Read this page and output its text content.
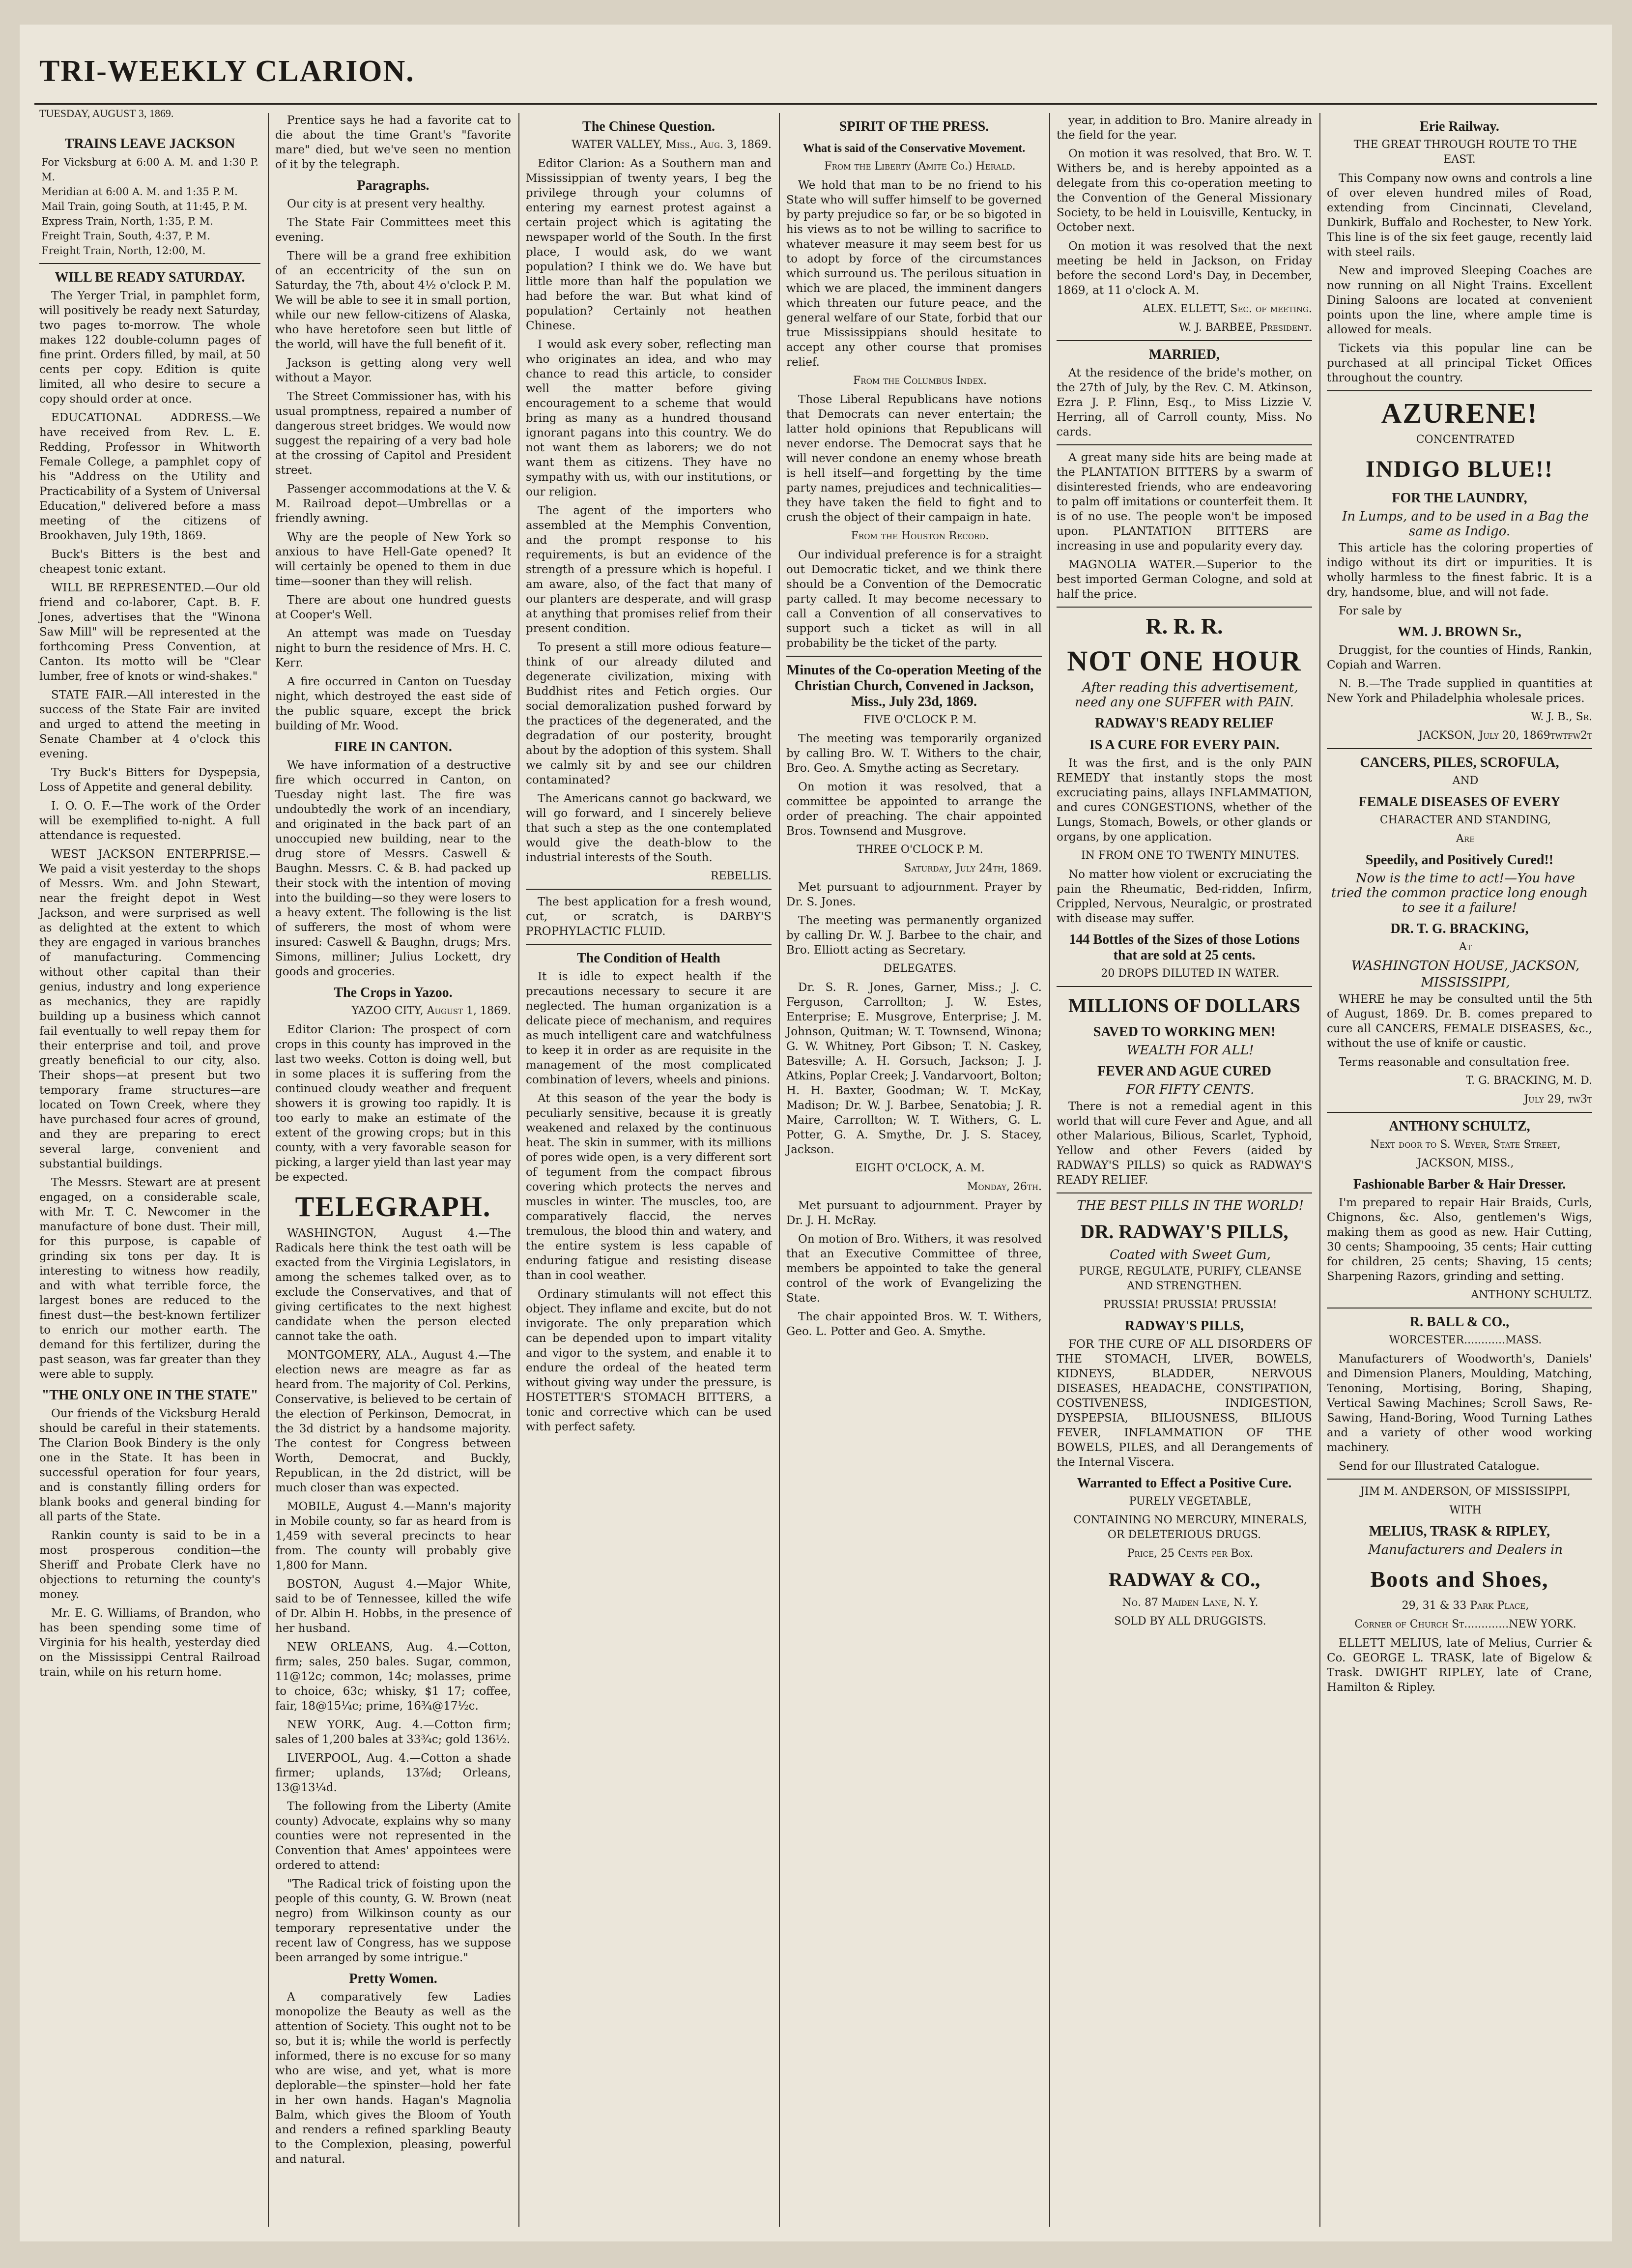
TRI-WEEKLY CLARION.
TUESDAY, AUGUST 3, 1869.
TRAINS LEAVE JACKSON
For Vicksburg at 6:00 A. M. and 1:30 P. M.
Meridian at 6:00 A. M. and 1:35 P. M.
Mail Train, going South, at 11:45, P. M.
Express Train, North, 1:35, P. M.
Freight Train, South, 4:37, P. M.
Freight Train, North, 12:00, M.
WILL BE READY SATURDAY.

The Yerger Trial, in pamphlet form, will positively be ready next Saturday, two pages to-morrow. The whole makes 122 double-column pages of fine print. Orders filled, by mail, at 50 cents per copy. Edition is quite limited, all who desire to secure a copy should order at once.

EDUCATIONAL ADDRESS.—We have received from Rev. L. E. Redding, Professor in Whitworth Female College, a pamphlet copy of his "Address on the Utility and Practicability of a System of Universal Education," delivered before a mass meeting of the citizens of Brookhaven, July 19th, 1869.

Buck's Bitters is the best and cheapest tonic extant.

WILL BE REPRESENTED.—Our old friend and co-laborer, Capt. B. F. Jones, advertises that the "Winona Saw Mill" will be represented at the forthcoming Press Convention, at Canton. Its motto will be "Clear lumber, free of knots or wind-shakes."

STATE FAIR.—All interested in the success of the State Fair are invited and urged to attend the meeting in Senate Chamber at 4 o'clock this evening.

Try Buck's Bitters for Dyspepsia, Loss of Appetite and general debility.

I. O. O. F.—The work of the Order will be exemplified to-night. A full attendance is requested.

WEST JACKSON ENTERPRISE.—We paid a visit yesterday to the shops of Messrs. Wm. and John Stewart, near the freight depot in West Jackson, and were surprised as well as delighted at the extent to which they are engaged in various branches of manufacturing. Commencing without other capital than their genius, industry and long experience as mechanics, they are rapidly building up a business which cannot fail eventually to well repay them for their enterprise and toil, and prove greatly beneficial to our city, also. Their shops—at present but two temporary frame structures—are located on Town Creek, where they have purchased four acres of ground, and they are preparing to erect several large, convenient and substantial buildings.

The Messrs. Stewart are at present engaged, on a considerable scale, with Mr. T. C. Newcomer in the manufacture of bone dust. Their mill, for this purpose, is capable of grinding six tons per day. It is interesting to witness how readily, and with what terrible force, the largest bones are reduced to the finest dust—the best-known fertilizer to enrich our mother earth. The demand for this fertilizer, during the past season, was far greater than they were able to supply.

"THE ONLY ONE IN THE STATE"

Our friends of the Vicksburg Herald should be careful in their statements. The Clarion Book Bindery is the only one in the State. It has been in successful operation for four years, and is constantly filling orders for blank books and general binding for all parts of the State.

Rankin county is said to be in a most prosperous condition—the Sheriff and Probate Clerk have no objections to returning the county's money.

Mr. E. G. Williams, of Brandon, who has been spending some time of Virginia for his health, yesterday died on the Mississippi Central Railroad train, while on his return home.

Prentice says he had a favorite cat to die about the time Grant's "favorite mare" died, but we've seen no mention of it by the telegraph.

Paragraphs.

Our city is at present very healthy.

The State Fair Committees meet this evening.

There will be a grand free exhibition of an eccentricity of the sun on Saturday, the 7th, about 4½ o'clock P. M. We will be able to see it in small portion, while our new fellow-citizens of Alaska, who have heretofore seen but little of the world, will have the full benefit of it.

Jackson is getting along very well without a Mayor.

The Street Commissioner has, with his usual promptness, repaired a number of dangerous street bridges. We would now suggest the repairing of a very bad hole at the crossing of Capitol and President street.

Passenger accommodations at the V. & M. Railroad depot—Umbrellas or a friendly awning.

Why are the people of New York so anxious to have Hell-Gate opened? It will certainly be opened to them in due time—sooner than they will relish.

There are about one hundred guests at Cooper's Well.

An attempt was made on Tuesday night to burn the residence of Mrs. H. C. Kerr.

A fire occurred in Canton on Tuesday night, which destroyed the east side of the public square, except the brick building of Mr. Wood.

FIRE IN CANTON.

We have information of a destructive fire which occurred in Canton, on Tuesday night last. The fire was undoubtedly the work of an incendiary, and originated in the back part of an unoccupied new building, near to the drug store of Messrs. Caswell & Baughn. Messrs. C. & B. had packed up their stock with the intention of moving into the building—so they were losers to a heavy extent. The following is the list of sufferers, the most of whom were insured: Caswell & Baughn, drugs; Mrs. Simons, milliner; Julius Lockett, dry goods and groceries.

The Crops in Yazoo.

YAZOO CITY, August 1, 1869.

Editor Clarion: The prospect of corn crops in this county has improved in the last two weeks. Cotton is doing well, but in some places it is suffering from the continued cloudy weather and frequent showers it is growing too rapidly. It is too early to make an estimate of the extent of the growing crops; but in this county, with a very favorable season for picking, a larger yield than last year may be expected.

TELEGRAPH.

WASHINGTON, August 4.—The Radicals here think the test oath will be exacted from the Virginia Legislators, in among the schemes talked over, as to exclude the Conservatives, and that of giving certificates to the next highest candidate when the person elected cannot take the oath.

MONTGOMERY, ALA., August 4.—The election news are meagre as far as heard from. The majority of Col. Perkins, Conservative, is believed to be certain of the election of Perkinson, Democrat, in the 3d district by a handsome majority. The contest for Congress between Worth, Democrat, and Buckly, Republican, in the 2d district, will be much closer than was expected.

MOBILE, August 4.—Mann's majority in Mobile county, so far as heard from is 1,459 with several precincts to hear from. The county will probably give 1,800 for Mann.

BOSTON, August 4.—Major White, said to be of Tennessee, killed the wife of Dr. Albin H. Hobbs, in the presence of her husband.

NEW ORLEANS, Aug. 4.—Cotton, firm; sales, 250 bales. Sugar, common, 11@12c; common, 14c; molasses, prime to choice, 63c; whisky, $1 17; coffee, fair, 18@15¼c; prime, 16¾@17½c.

NEW YORK, Aug. 4.—Cotton firm; sales of 1,200 bales at 33¾c; gold 136½.

LIVERPOOL, Aug. 4.—Cotton a shade firmer; uplands, 13⅞d; Orleans, 13@13¼d.

The following from the Liberty (Amite county) Advocate, explains why so many counties were not represented in the Convention that Ames' appointees were ordered to attend:

"The Radical trick of foisting upon the people of this county, G. W. Brown (neat negro) from Wilkinson county as our temporary representative under the recent law of Congress, has we suppose been arranged by some intrigue."

Pretty Women.

A comparatively few Ladies monopolize the Beauty as well as the attention of Society. This ought not to be so, but it is; while the world is perfectly informed, there is no excuse for so many who are wise, and yet, what is more deplorable—the spinster—hold her fate in her own hands. Hagan's Magnolia Balm, which gives the Bloom of Youth and renders a refined sparkling Beauty to the Complexion, pleasing, powerful and natural.

The Chinese Question.

WATER VALLEY, Miss., Aug. 3, 1869.

Editor Clarion: As a Southern man and Mississippian of twenty years, I beg the privilege through your columns of entering my earnest protest against a certain project which is agitating the newspaper world of the South. In the first place, I would ask, do we want population? I think we do. We have but little more than half the population we had before the war. But what kind of population? Certainly not heathen Chinese.

I would ask every sober, reflecting man who originates an idea, and who may chance to read this article, to consider well the matter before giving encouragement to a scheme that would bring as many as a hundred thousand ignorant pagans into this country. We do not want them as laborers; we do not want them as citizens. They have no sympathy with us, with our institutions, or our religion.

The agent of the importers who assembled at the Memphis Convention, and the prompt response to his requirements, is but an evidence of the strength of a pressure which is hopeful. I am aware, also, of the fact that many of our planters are desperate, and will grasp at anything that promises relief from their present condition.

To present a still more odious feature—think of our already diluted and degenerate civilization, mixing with Buddhist rites and Fetich orgies. Our social demoralization pushed forward by the practices of the degenerated, and the degradation of our posterity, brought about by the adoption of this system. Shall we calmly sit by and see our children contaminated?

The Americans cannot go backward, we will go forward, and I sincerely believe that such a step as the one contemplated would give the death-blow to the industrial interests of the South.

REBELLIS.

The best application for a fresh wound, cut, or scratch, is DARBY'S PROPHYLACTIC FLUID.

The Condition of Health

It is idle to expect health if the precautions necessary to secure it are neglected. The human organization is a delicate piece of mechanism, and requires as much intelligent care and watchfulness to keep it in order as are requisite in the management of the most complicated combination of levers, wheels and pinions.

At this season of the year the body is peculiarly sensitive, because it is greatly weakened and relaxed by the continuous heat. The skin in summer, with its millions of pores wide open, is a very different sort of tegument from the compact fibrous covering which protects the nerves and muscles in winter. The muscles, too, are comparatively flaccid, the nerves tremulous, the blood thin and watery, and the entire system is less capable of enduring fatigue and resisting disease than in cool weather.

Ordinary stimulants will not effect this object. They inflame and excite, but do not invigorate. The only preparation which can be depended upon to impart vitality and vigor to the system, and enable it to endure the ordeal of the heated term without giving way under the pressure, is HOSTETTER'S STOMACH BITTERS, a tonic and corrective which can be used with perfect safety.

SPIRIT OF THE PRESS.
What is said of the Conservative Movement.

From the Liberty (Amite Co.) Herald.

We hold that man to be no friend to his State who will suffer himself to be governed by party prejudice so far, or be so bigoted in his views as to not be willing to sacrifice to whatever measure it may seem best for us to adopt by force of the circumstances which surround us. The perilous situation in which we are placed, the imminent dangers which threaten our future peace, and the general welfare of our State, forbid that our true Mississippians should hesitate to accept any other course that promises relief.

From the Columbus Index.

Those Liberal Republicans have notions that Democrats can never entertain; the latter hold opinions that Republicans will never endorse. The Democrat says that he will never condone an enemy whose breath is hell itself—and forgetting by the time party names, prejudices and technicalities—they have taken the field to fight and to crush the object of their campaign in hate.

From the Houston Record.

Our individual preference is for a straight out Democratic ticket, and we think there should be a Convention of the Democratic party called. It may become necessary to call a Convention of all conservatives to support such a ticket as will in all probability be the ticket of the party.

Minutes of the Co-operation Meeting of the Christian Church, Convened in Jackson, Miss., July 23d, 1869.

FIVE O'CLOCK P. M.

The meeting was temporarily organized by calling Bro. W. T. Withers to the chair, Bro. Geo. A. Smythe acting as Secretary.

On motion it was resolved, that a committee be appointed to arrange the order of preaching. The chair appointed Bros. Townsend and Musgrove.

THREE O'CLOCK P. M.

Saturday, July 24th, 1869.

Met pursuant to adjournment. Prayer by Dr. S. Jones.

The meeting was permanently organized by calling Dr. W. J. Barbee to the chair, and Bro. Elliott acting as Secretary.

DELEGATES.

Dr. S. R. Jones, Garner, Miss.; J. C. Ferguson, Carrollton; J. W. Estes, Enterprise; E. Musgrove, Enterprise; J. M. Johnson, Quitman; W. T. Townsend, Winona; G. W. Whitney, Port Gibson; T. N. Caskey, Batesville; A. H. Gorsuch, Jackson; J. J. Atkins, Poplar Creek; J. Vandarvoort, Bolton; H. H. Baxter, Goodman; W. T. McKay, Madison; Dr. W. J. Barbee, Senatobia; J. R. Maire, Carrollton; W. T. Withers, G. L. Potter, G. A. Smythe, Dr. J. S. Stacey, Jackson.

EIGHT O'CLOCK, A. M.

Monday, 26th.

Met pursuant to adjournment. Prayer by Dr. J. H. McRay.

On motion of Bro. Withers, it was resolved that an Executive Committee of three, members be appointed to take the general control of the work of Evangelizing the State.

The chair appointed Bros. W. T. Withers, Geo. L. Potter and Geo. A. Smythe.

year, in addition to Bro. Manire already in the field for the year.

On motion it was resolved, that Bro. W. T. Withers be, and is hereby appointed as a delegate from this co-operation meeting to the Convention of the General Missionary Society, to be held in Louisville, Kentucky, in October next.

On motion it was resolved that the next meeting be held in Jackson, on Friday before the second Lord's Day, in December, 1869, at 11 o'clock A. M.

ALEX. ELLETT, Sec. of meeting.

W. J. BARBEE, President.

MARRIED,

At the residence of the bride's mother, on the 27th of July, by the Rev. C. M. Atkinson, Ezra J. P. Flinn, Esq., to Miss Lizzie V. Herring, all of Carroll county, Miss. No cards.

A great many side hits are being made at the PLANTATION BITTERS by a swarm of disinterested friends, who are endeavoring to palm off imitations or counterfeit them. It is of no use. The people won't be imposed upon. PLANTATION BITTERS are increasing in use and popularity every day.

MAGNOLIA WATER.—Superior to the best imported German Cologne, and sold at half the price.

R. R. R.
NOT ONE HOUR

After reading this advertisement, need any one SUFFER with PAIN.

RADWAY'S READY RELIEF
IS A CURE FOR EVERY PAIN.

It was the first, and is the only PAIN REMEDY that instantly stops the most excruciating pains, allays INFLAMMATION, and cures CONGESTIONS, whether of the Lungs, Stomach, Bowels, or other glands or organs, by one application.

IN FROM ONE TO TWENTY MINUTES.

No matter how violent or excruciating the pain the Rheumatic, Bed-ridden, Infirm, Crippled, Nervous, Neuralgic, or prostrated with disease may suffer.

144 Bottles of the Sizes of those Lotions that are sold at 25 cents.

20 DROPS DILUTED IN WATER.

MILLIONS OF DOLLARS
SAVED TO WORKING MEN!

WEALTH FOR ALL!

FEVER AND AGUE CURED

FOR FIFTY CENTS.

There is not a remedial agent in this world that will cure Fever and Ague, and all other Malarious, Bilious, Scarlet, Typhoid, Yellow and other Fevers (aided by RADWAY'S PILLS) so quick as RADWAY'S READY RELIEF.

THE BEST PILLS IN THE WORLD!

DR. RADWAY'S PILLS,

Coated with Sweet Gum,

PURGE, REGULATE, PURIFY, CLEANSE AND STRENGTHEN.

PRUSSIA! PRUSSIA! PRUSSIA!

RADWAY'S PILLS,

FOR THE CURE OF ALL DISORDERS OF THE STOMACH, LIVER, BOWELS, KIDNEYS, BLADDER, NERVOUS DISEASES, HEADACHE, CONSTIPATION, COSTIVENESS, INDIGESTION, DYSPEPSIA, BILIOUSNESS, BILIOUS FEVER, INFLAMMATION OF THE BOWELS, PILES, and all Derangements of the Internal Viscera.

Warranted to Effect a Positive Cure.

PURELY VEGETABLE,

CONTAINING NO MERCURY, MINERALS, OR DELETERIOUS DRUGS.

Price, 25 Cents per Box.

RADWAY & CO.,

No. 87 Maiden Lane, N. Y.

SOLD BY ALL DRUGGISTS.

Erie Railway.

THE GREAT THROUGH ROUTE TO THE EAST.

This Company now owns and controls a line of over eleven hundred miles of Road, extending from Cincinnati, Cleveland, Dunkirk, Buffalo and Rochester, to New York. This line is of the six feet gauge, recently laid with steel rails.

New and improved Sleeping Coaches are now running on all Night Trains. Excellent Dining Saloons are located at convenient points upon the line, where ample time is allowed for meals.

Tickets via this popular line can be purchased at all principal Ticket Offices throughout the country.

AZURENE!

CONCENTRATED

INDIGO BLUE!!
FOR THE LAUNDRY,

In Lumps, and to be used in a Bag the same as Indigo.

This article has the coloring properties of indigo without its dirt or impurities. It is wholly harmless to the finest fabric. It is a dry, handsome, blue, and will not fade.

For sale by

WM. J. BROWN Sr.,

Druggist, for the counties of Hinds, Rankin, Copiah and Warren.

N. B.—The Trade supplied in quantities at New York and Philadelphia wholesale prices.

W. J. B., Sr.

JACKSON, July 20, 1869twtfw2t

CANCERS, PILES, SCROFULA,

AND

FEMALE DISEASES OF EVERY

CHARACTER AND STANDING,

Are

Speedily, and Positively Cured!!

Now is the time to act!—You have tried the common practice long enough to see it a failure!

DR. T. G. BRACKING,

At

WASHINGTON HOUSE, JACKSON,

MISSISSIPPI,

WHERE he may be consulted until the 5th of August, 1869. Dr. B. comes prepared to cure all CANCERS, FEMALE DISEASES, &c., without the use of knife or caustic.

Terms reasonable and consultation free.

T. G. BRACKING, M. D.

July 29, tw3t

ANTHONY SCHULTZ,

Next door to S. Weyer, State Street,

JACKSON, MISS.,

Fashionable Barber & Hair Dresser.

I'm prepared to repair Hair Braids, Curls, Chignons, &c. Also, gentlemen's Wigs, making them as good as new. Hair Cutting, 30 cents; Shampooing, 35 cents; Hair cutting for children, 25 cents; Shaving, 15 cents; Sharpening Razors, grinding and setting.

ANTHONY SCHULTZ.

R. BALL & CO.,

WORCESTER............MASS.

Manufacturers of Woodworth's, Daniels' and Dimension Planers, Moulding, Matching, Tenoning, Mortising, Boring, Shaping, Vertical Sawing Machines; Scroll Saws, Re-Sawing, Hand-Boring, Wood Turning Lathes and a variety of other wood working machinery.

Send for our Illustrated Catalogue.

JIM M. ANDERSON, OF MISSISSIPPI,

WITH

MELIUS, TRASK & RIPLEY,

Manufacturers and Dealers in

Boots and Shoes,

29, 31 & 33 Park Place,

Corner of Church St.............NEW YORK.

ELLETT MELIUS, late of Melius, Currier & Co. GEORGE L. TRASK, late of Bigelow & Trask. DWIGHT RIPLEY, late of Crane, Hamilton & Ripley.
